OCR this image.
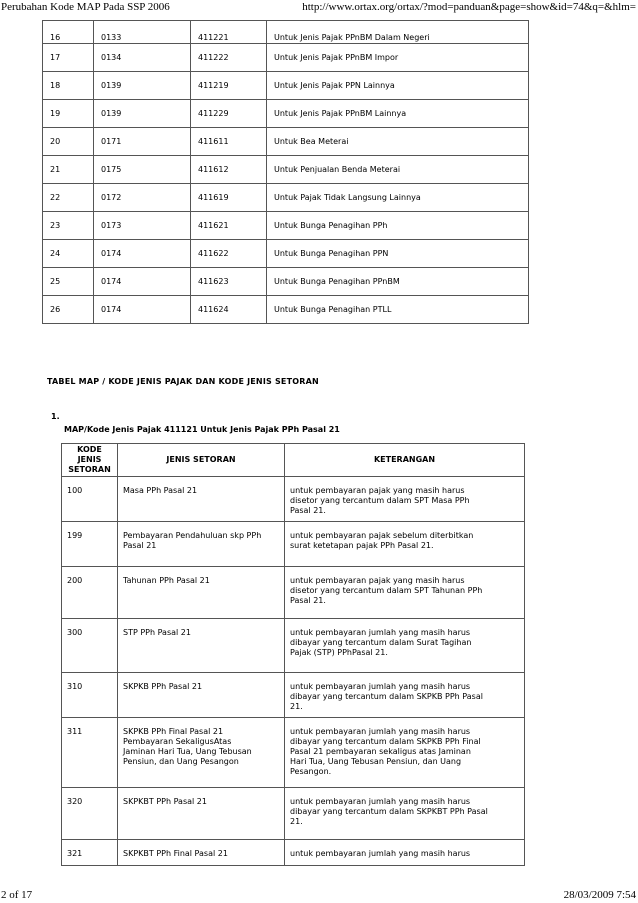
Perubahan Kode MAP Pada SSP 2006	http://www.ortax.org/ortax/?mod=panduan&page=show&id=74&q=&hlm=
16	0133	411221	Untuk Jenis Pajak PPnBM Dalam Negeri
17	0134	411222	Untuk Jenis Pajak PPnBM Impor
18	0139	411219	Untuk Jenis Pajak PPN Lainnya
19	0139	411229	Untuk Jenis Pajak PPnBM Lainnya
20	0171	411611	Untuk Bea Meterai
21	0175	411612	Untuk Penjualan Benda Meterai
22	0172	411619	Untuk Pajak Tidak Langsung Lainnya
23	0173	411621	Untuk Bunga Penagihan PPh
24	0174	411622	Untuk Bunga Penagihan PPN
25	0174	411623	Untuk Bunga Penagihan PPnBM
26	0174	411624	Untuk Bunga Penagihan PTLL
TABEL MAP / KODE JENIS PAJAK DAN KODE JENIS SETORAN
1.
MAP/Kode Jenis Pajak 411121 Untuk Jenis Pajak PPh Pasal 21
KODE
JENIS
SETORAN	JENIS SETORAN	KETERANGAN
100	Masa PPh Pasal 21	untuk pembayaran pajak yang masih harus
disetor yang tercantum dalam SPT Masa PPh
Pasal 21.

199	Pembayaran Pendahuluan skp PPh
Pasal 21	untuk pembayaran pajak sebelum diterbitkan
surat ketetapan pajak PPh Pasal 21.

200	Tahunan PPh Pasal 21	untuk pembayaran pajak yang masih harus
disetor yang tercantum dalam SPT Tahunan PPh
Pasal 21.

300	STP PPh Pasal 21	untuk pembayaran jumlah yang masih harus
dibayar yang tercantum dalam Surat Tagihan
Pajak (STP) PPhPasal 21.

310	SKPKB PPh Pasal 21	untuk pembayaran jumlah yang masih harus
dibayar yang tercantum dalam SKPKB PPh Pasal
21.

311	SKPKB PPh Final Pasal 21
Pembayaran SekaligusAtas
Jaminan Hari Tua, Uang Tebusan
Pensiun, dan Uang Pesangon	untuk pembayaran jumlah yang masih harus
dibayar yang tercantum dalam SKPKB PPh Final
Pasal 21 pembayaran sekaligus atas Jaminan
Hari Tua, Uang Tebusan Pensiun, dan Uang
Pesangon.

320	SKPKBT PPh Pasal 21	untuk pembayaran jumlah yang masih harus
dibayar yang tercantum dalam SKPKBT PPh Pasal
21.

321	SKPKBT PPh Final Pasal 21	untuk pembayaran jumlah yang masih harus
2 of 17	28/03/2009 7:54
